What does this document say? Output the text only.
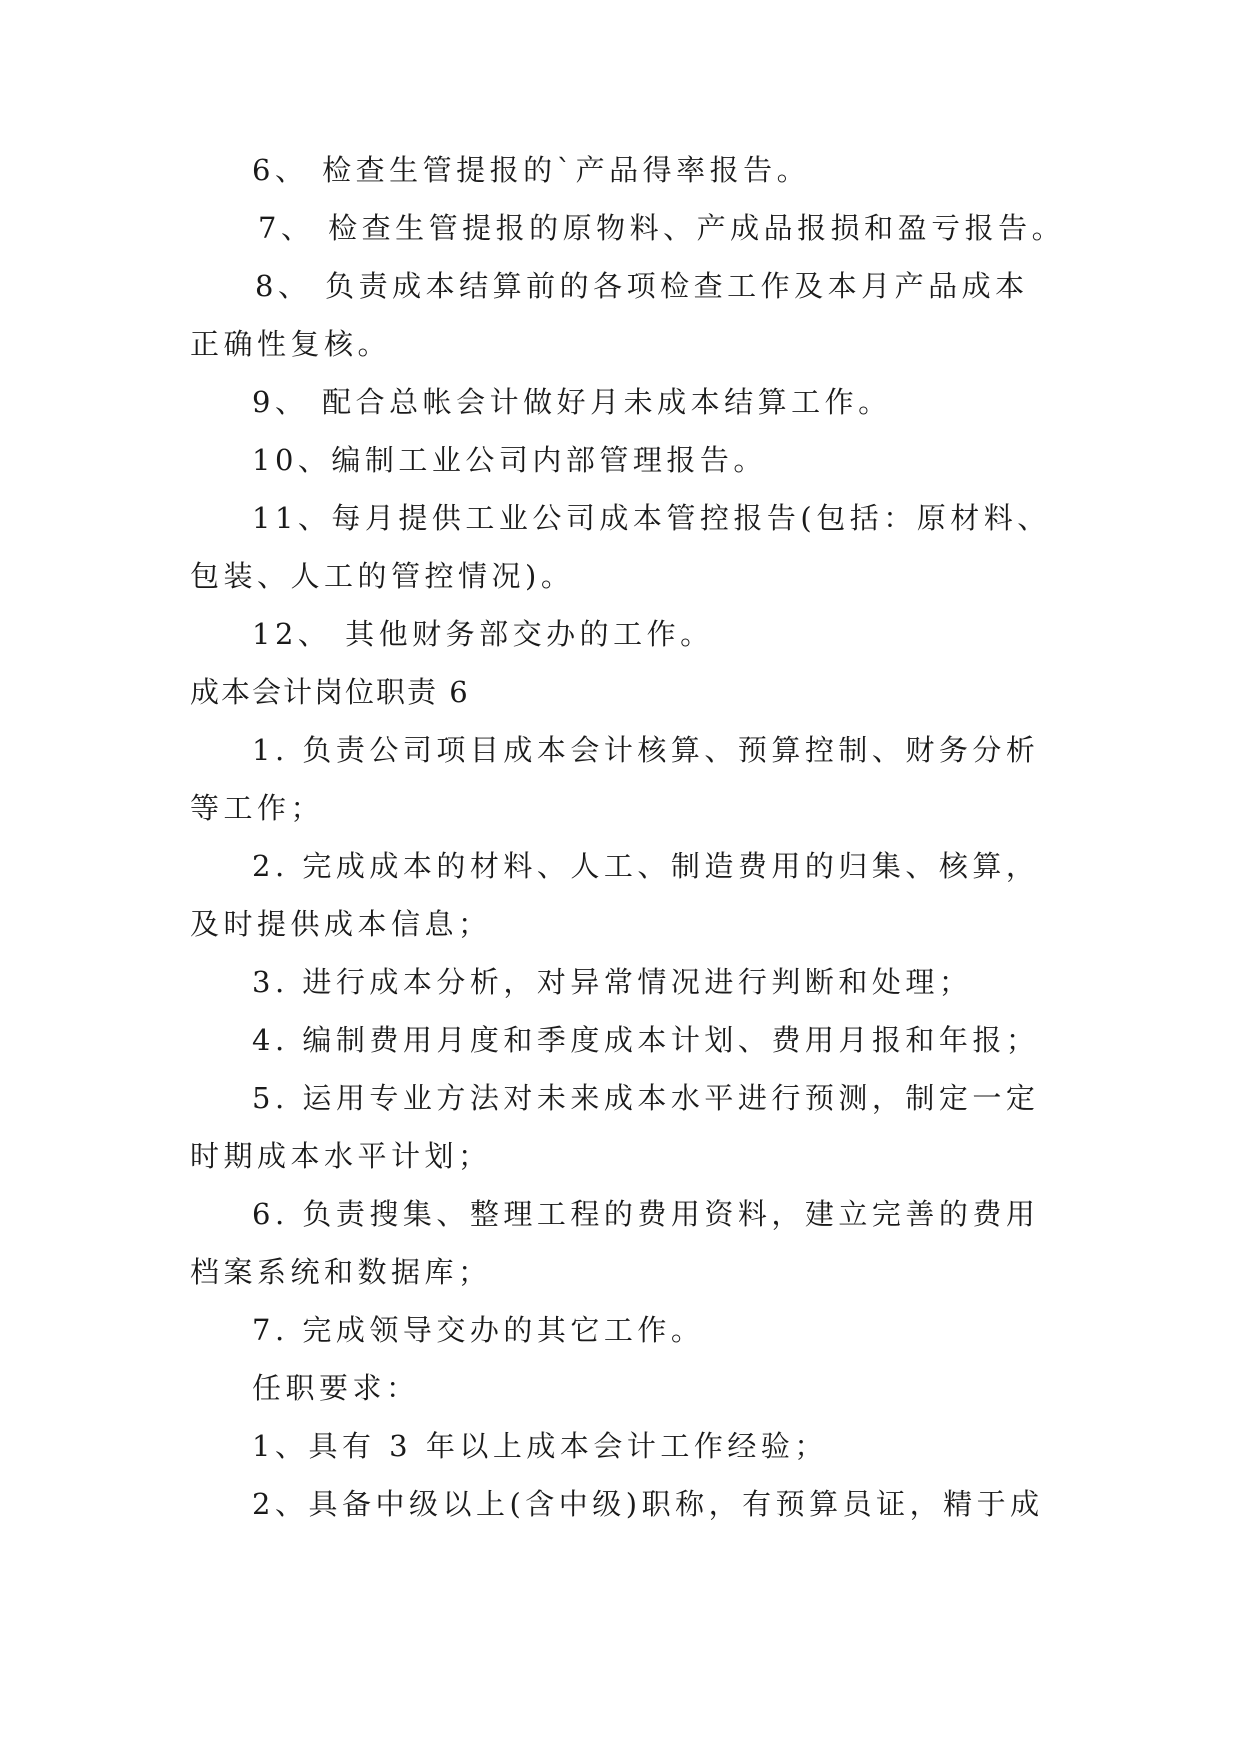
6、 检查生管提报的`产品得率报告。
7、 检查生管提报的原物料、产成品报损和盈亏报告。
8、 负责成本结算前的各项检查工作及本月产品成本
正确性复核。
9、 配合总帐会计做好月未成本结算工作。
10、编制工业公司内部管理报告。
11、每月提供工业公司成本管控报告(包括：原材料、
包装、人工的管控情况)。
12、 其他财务部交办的工作。
成本会计岗位职责 6
1. 负责公司项目成本会计核算、预算控制、财务分析
等工作；
2. 完成成本的材料、人工、制造费用的归集、核算，
及时提供成本信息；
3. 进行成本分析，对异常情况进行判断和处理；
4. 编制费用月度和季度成本计划、费用月报和年报；
5. 运用专业方法对未来成本水平进行预测，制定一定
时期成本水平计划；
6. 负责搜集、整理工程的费用资料，建立完善的费用
档案系统和数据库；
7. 完成领导交办的其它工作。
任职要求：
1、具有 3 年以上成本会计工作经验；
2、具备中级以上(含中级)职称，有预算员证，精于成
